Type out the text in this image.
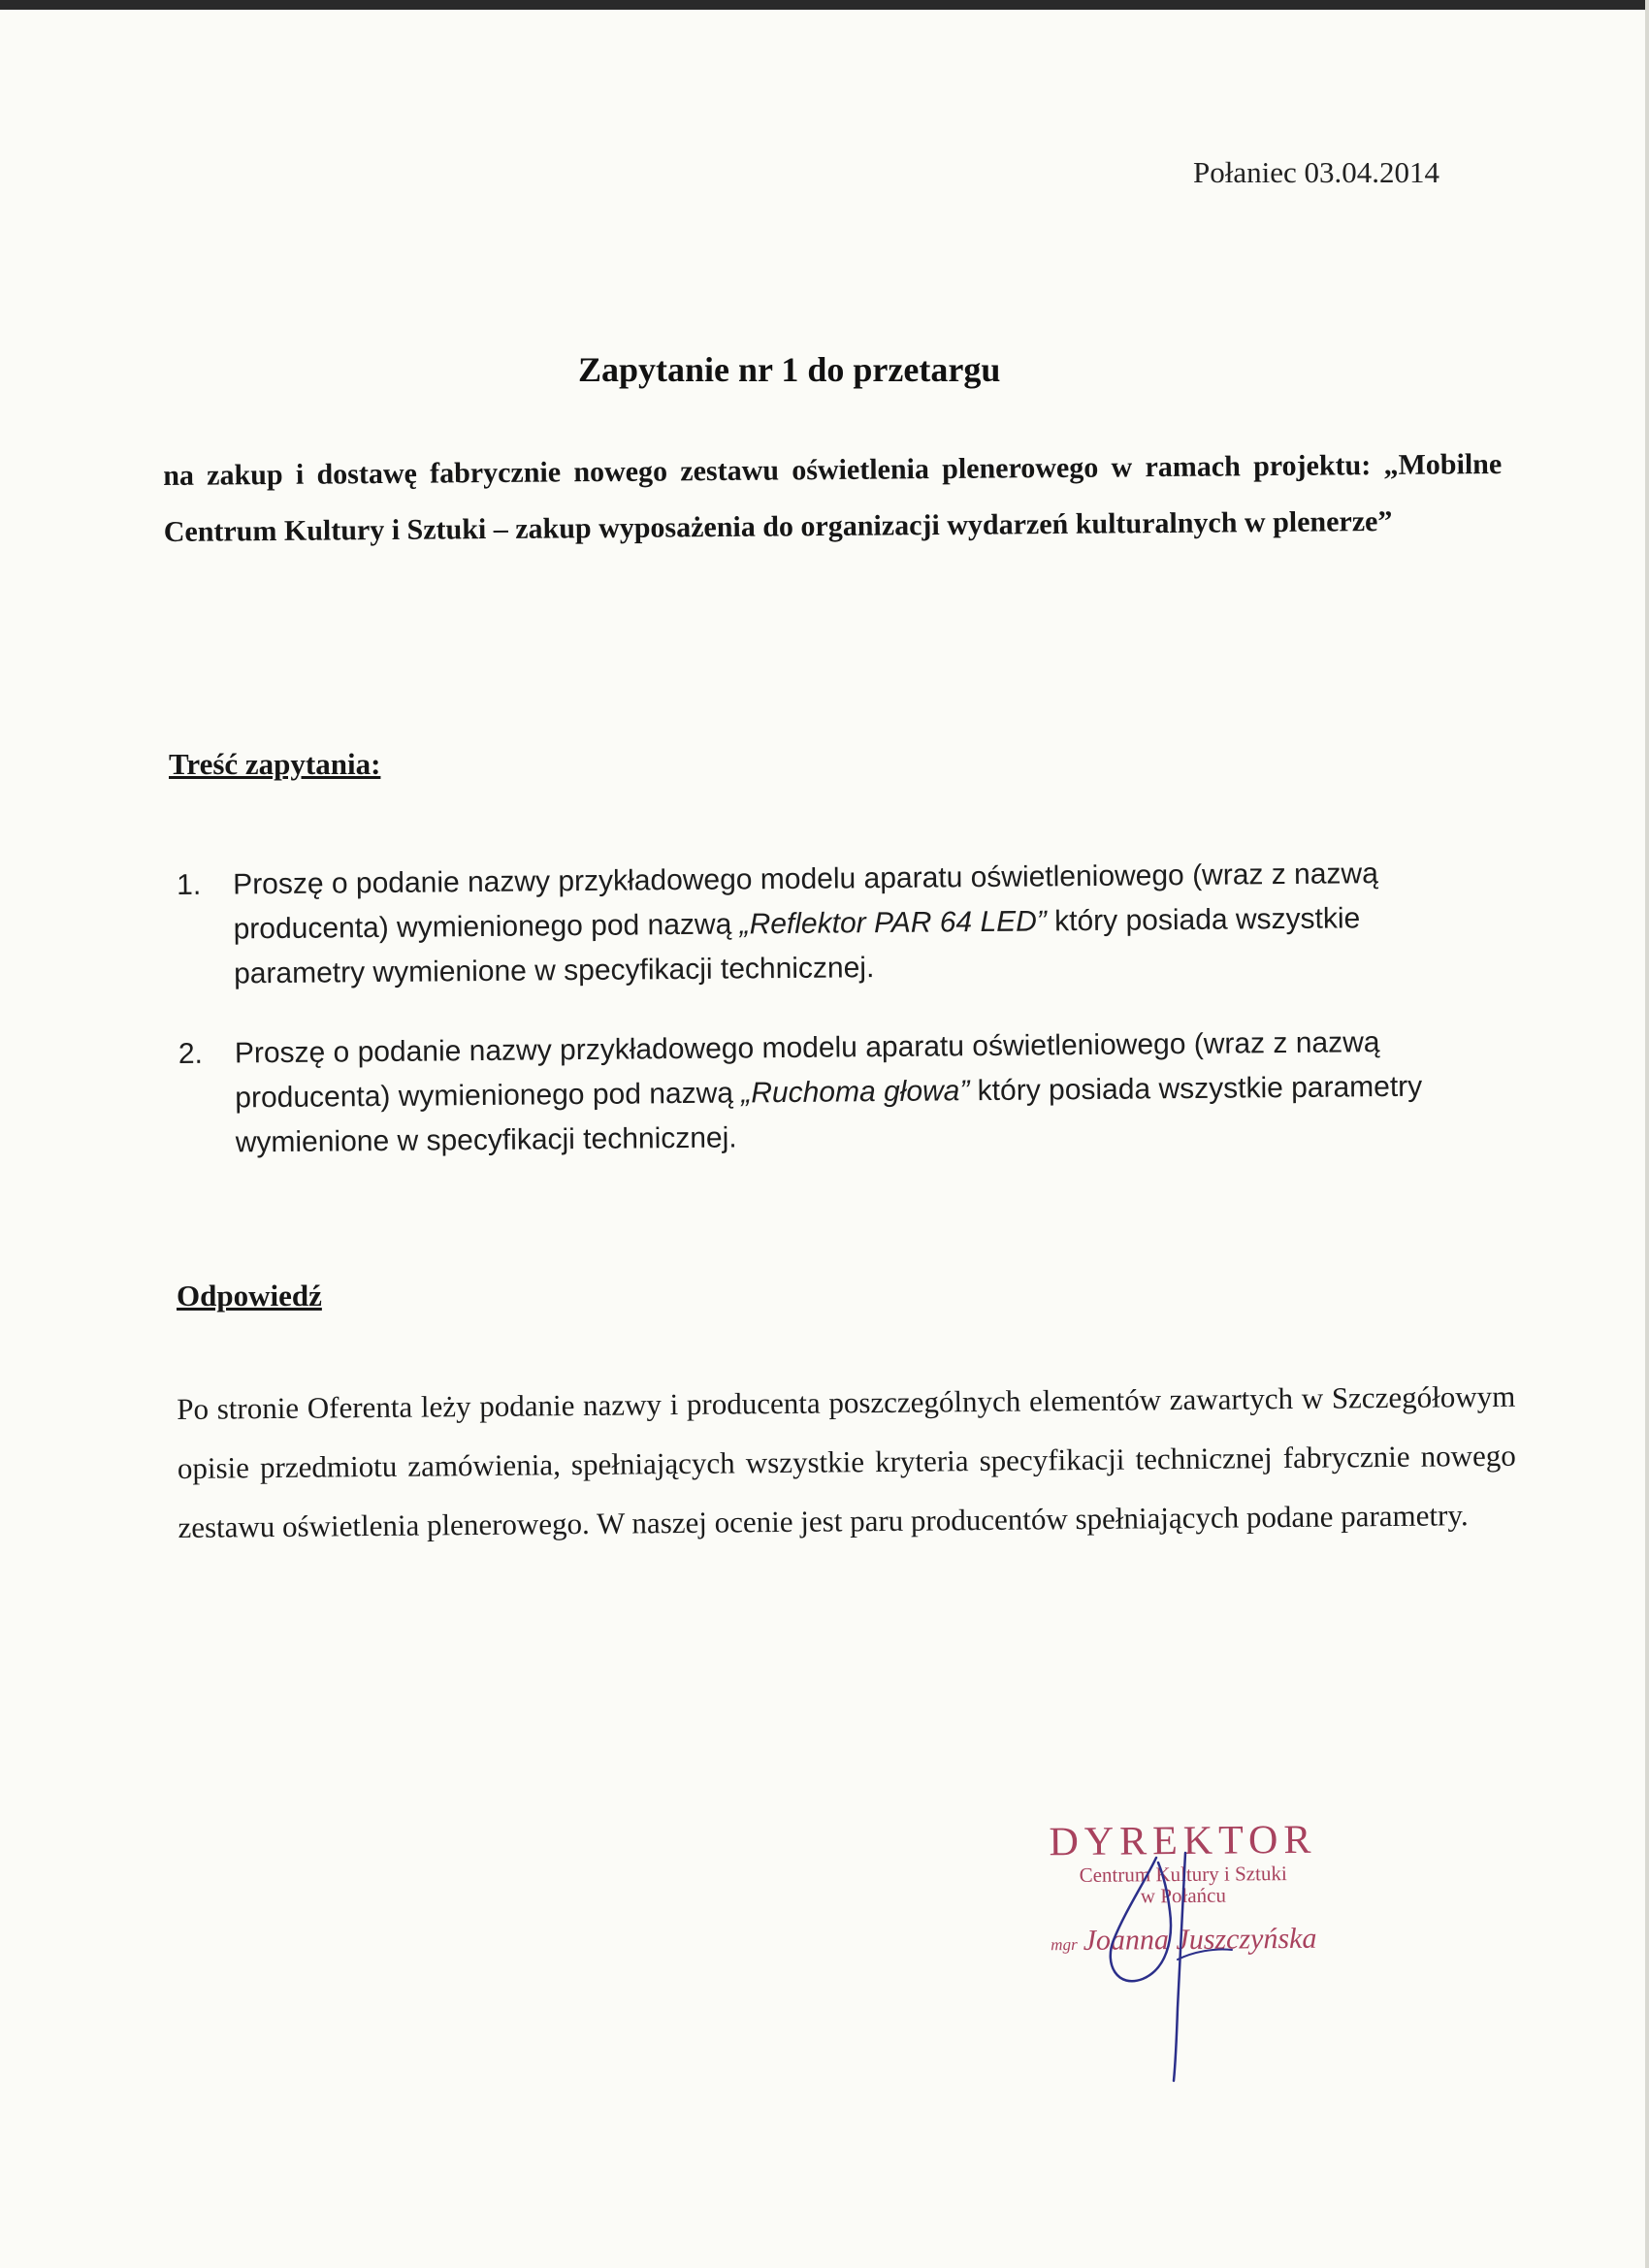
Połaniec 03.04.2014
Zapytanie nr 1 do przetargu
na zakup i dostawę fabrycznie nowego zestawu oświetlenia plenerowego w ramach projektu: „Mobilne Centrum Kultury i Sztuki – zakup wyposażenia do organizacji wydarzeń kulturalnych w plenerze”
Treść zapytania:
1.	Proszę o podanie nazwy przykładowego modelu aparatu oświetleniowego (wraz z nazwą producenta) wymienionego pod nazwą „Reflektor PAR 64 LED” który posiada wszystkie parametry wymienione w specyfikacji technicznej.
2.	Proszę o podanie nazwy przykładowego modelu aparatu oświetleniowego (wraz z nazwą producenta) wymienionego pod nazwą „Ruchoma głowa” który posiada wszystkie parametry wymienione w specyfikacji technicznej.
Odpowiedź
Po stronie Oferenta leży podanie nazwy i producenta poszczególnych elementów zawartych w Szczegółowym opisie przedmiotu zamówienia, spełniających wszystkie kryteria specyfikacji technicznej fabrycznie nowego zestawu oświetlenia plenerowego. W naszej ocenie jest paru producentów spełniających podane parametry.
DYREKTOR
Centrum Kultury i Sztuki
w Połańcu
mgr Joanna Juszczyńska
